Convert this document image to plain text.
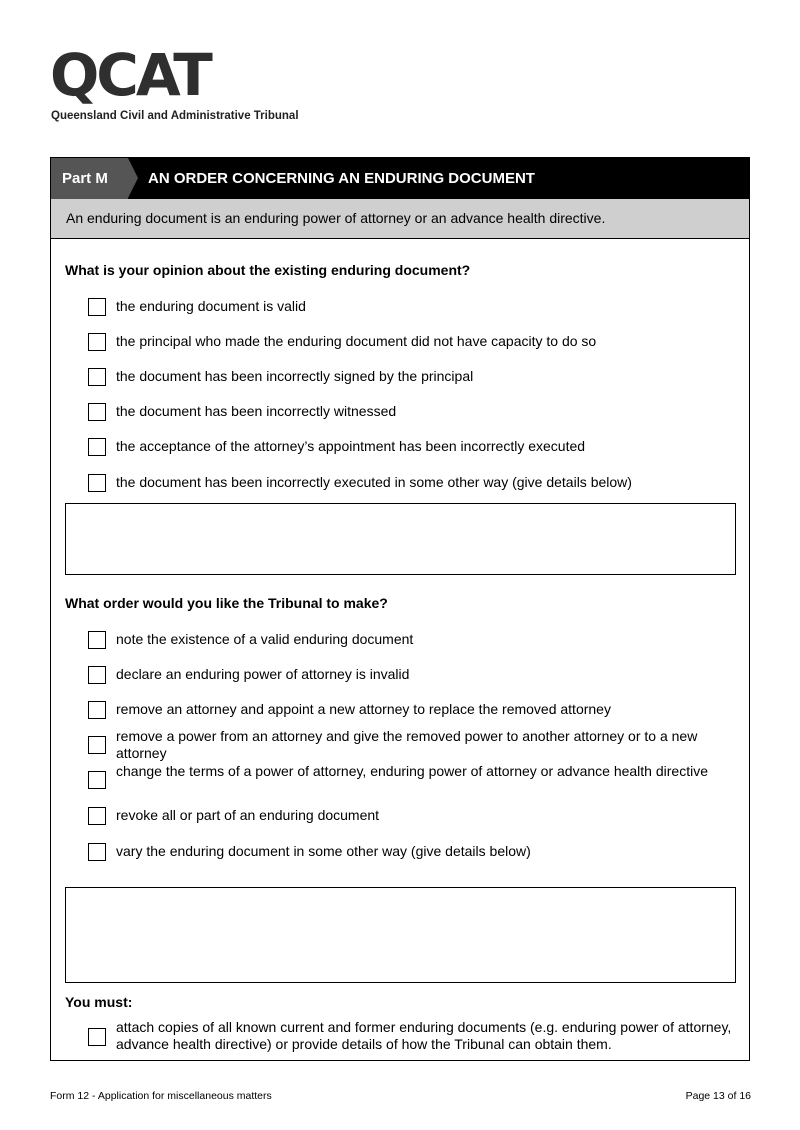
QCAT
Queensland Civil and Administrative Tribunal
Part M	AN ORDER CONCERNING AN ENDURING DOCUMENT
An enduring document is an enduring power of attorney or an advance health directive.
What is your opinion about the existing enduring document?
the enduring document is valid
the principal who made the enduring document did not have capacity to do so
the document has been incorrectly signed by the principal
the document has been incorrectly witnessed
the acceptance of the attorney’s appointment has been incorrectly executed
the document has been incorrectly executed in some other way (give details below)
What order would you like the Tribunal to make?
note the existence of a valid enduring document
declare an enduring power of attorney is invalid
remove an attorney and appoint a new attorney to replace the removed attorney
remove a power from an attorney and give the removed power to another attorney or to a new attorney
change the terms of a power of attorney, enduring power of attorney or advance health directive
revoke all or part of an enduring document
vary the enduring document in some other way (give details below)
You must:
attach copies of all known current and former enduring documents (e.g. enduring power of attorney, advance health directive) or provide details of how the Tribunal can obtain them.
Form 12 - Application for miscellaneous matters	Page 13 of 16
